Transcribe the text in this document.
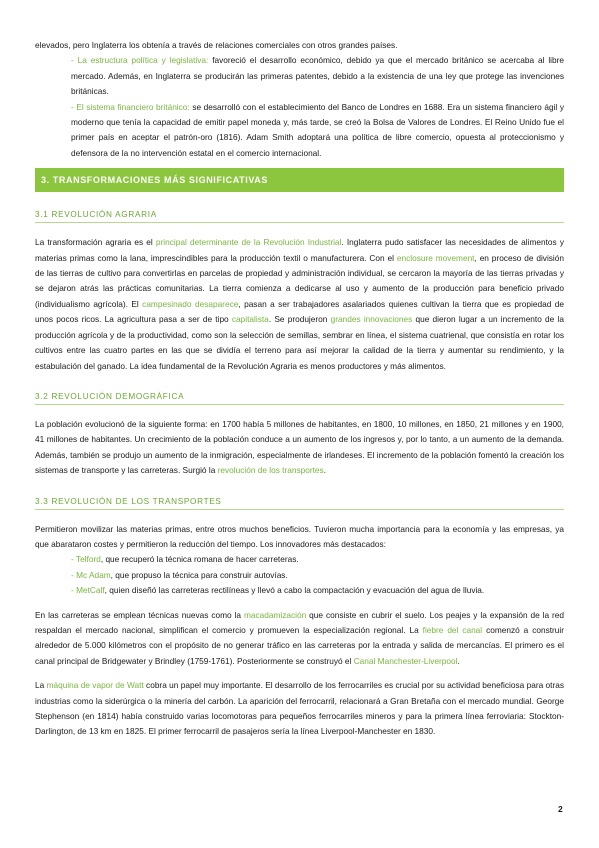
elevados, pero Inglaterra los obtenía a través de relaciones comerciales con otros grandes países.

- La estructura política y legislativa: favoreció el desarrollo económico, debido ya que el mercado británico se acercaba al libre mercado. Además, en Inglaterra se producirán las primeras patentes, debido a la existencia de una ley que protege las invenciones británicas.

- El sistema financiero británico: se desarrolló con el establecimiento del Banco de Londres en 1688. Era un sistema financiero ágil y moderno que tenía la capacidad de emitir papel moneda y, más tarde, se creó la Bolsa de Valores de Londres. El Reino Unido fue el primer país en aceptar el patrón-oro (1816). Adam Smith adoptará una política de libre comercio, opuesta al proteccionismo y defensora de la no intervención estatal en el comercio internacional.

3. TRANSFORMACIONES MÁS SIGNIFICATIVAS
3.1 REVOLUCIÓN AGRARIA

La transformación agraria es el principal determinante de la Revolución Industrial. Inglaterra pudo satisfacer las necesidades de alimentos y materias primas como la lana, imprescindibles para la producción textil o manufacturera. Con el enclosure movement, en proceso de división de las tierras de cultivo para convertirlas en parcelas de propiedad y administración individual, se cercaron la mayoría de las tierras privadas y se dejaron atrás las prácticas comunitarias. La tierra comienza a dedicarse al uso y aumento de la producción para beneficio privado (individualismo agrícola). El campesinado desaparece, pasan a ser trabajadores asalariados quienes cultivan la tierra que es propiedad de unos pocos ricos. La agricultura pasa a ser de tipo capitalista. Se produjeron grandes innovaciones que dieron lugar a un incremento de la producción agrícola y de la productividad, como son la selección de semillas, sembrar en línea, el sistema cuatrienal, que consistía en rotar los cultivos entre las cuatro partes en las que se dividía el terreno para así mejorar la calidad de la tierra y aumentar su rendimiento, y la estabulación del ganado. La idea fundamental de la Revolución Agraria es menos productores y más alimentos.

3.2 REVOLUCIÓN DEMOGRÁFICA

La población evolucionó de la siguiente forma: en 1700 había 5 millones de habitantes, en 1800, 10 millones, en 1850, 21 millones y en 1900, 41 millones de habitantes. Un crecimiento de la población conduce a un aumento de los ingresos y, por lo tanto, a un aumento de la demanda. Además, también se produjo un aumento de la inmigración, especialmente de irlandeses. El incremento de la población fomentó la creación los sistemas de transporte y las carreteras. Surgió la revolución de los transportes.

3.3 REVOLUCIÓN DE LOS TRANSPORTES

Permitieron movilizar las materias primas, entre otros muchos beneficios. Tuvieron mucha importancia para la economía y las empresas, ya que abarataron costes y permitieron la reducción del tiempo. Los innovadores más destacados:

- Telford, que recuperó la técnica romana de hacer carreteras.

- Mc Adam, que propuso la técnica para construir autovías.

- MetCalf, quien diseñó las carreteras rectilíneas y llevó a cabo la compactación y evacuación del agua de lluvia.

En las carreteras se emplean técnicas nuevas como la macadamización que consiste en cubrir el suelo. Los peajes y la expansión de la red respaldan el mercado nacional, simplifican el comercio y promueven la especialización regional. La fiebre del canal comenzó a construir alrededor de 5.000 kilómetros con el propósito de no generar tráfico en las carreteras por la entrada y salida de mercancías. El primero es el canal principal de Bridgewater y Brindley (1759-1761). Posteriormente se construyó el Canal Manchester-Liverpool.

La máquina de vapor de Watt cobra un papel muy importante. El desarrollo de los ferrocarriles es crucial por su actividad beneficiosa para otras industrias como la siderúrgica o la minería del carbón. La aparición del ferrocarril, relacionará a Gran Bretaña con el mercado mundial. George Stephenson (en 1814) había construido varias locomotoras para pequeños ferrocarriles mineros y para la primera línea ferroviaria: Stockton-Darlington, de 13 km en 1825. El primer ferrocarril de pasajeros sería la línea Liverpool-Manchester en 1830.

2
